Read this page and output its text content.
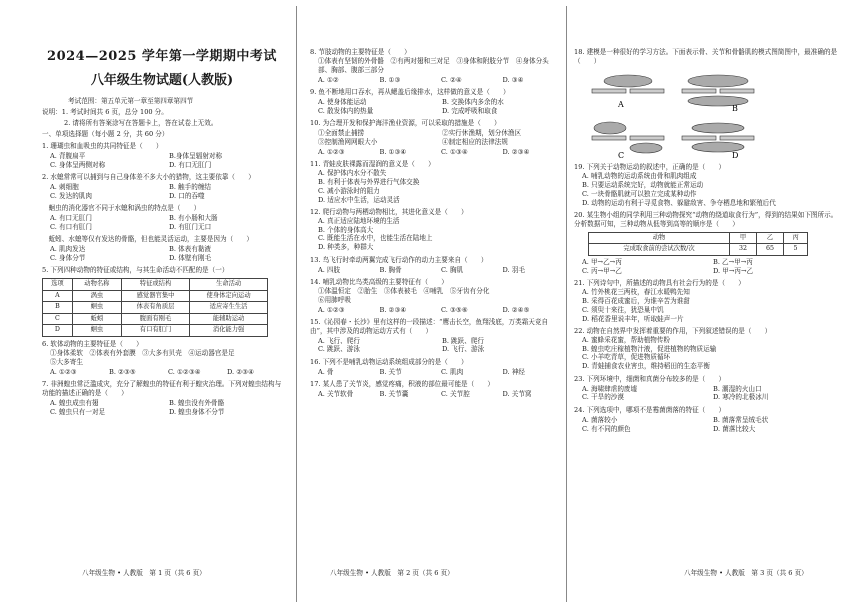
2024—2025 学年第一学期期中考试
八年级生物试题(人教版)
考试范围：第五单元第一章至第四章第四节
说明：1. 考试时间共 6 页，总分 100 分。
2. 请将所有答案涂写在答题卡上，答在试卷上无效。
一、单项选择题（每小题 2 分，共 60 分）
1. 珊瑚虫和血吸虫的共同特征是（　　）
A. 背腹扁平	B.身体呈辐射对称
C. 身体呈两侧对称	D. 有口无肛门
2. 水螅常常可以捕到与自己身体差不多大小的猎物，这主要依靠（　　）
A. 刺细胞	B. 触手的缠结
C. 发达的肌肉	D. 口的吞噬
　蛔虫的消化器官不同于水螅和涡虫的特点是（　　）
A. 有口无肛门	B. 有小肠和大肠
C. 有口有肛门	D. 有肛门无口
　蚯蚓、水螅等仅有发达的骨骼，但也能灵活运动，主要是因为（　　）
A. 肌肉发达	B. 体表有黏液
C. 身体分节	D. 体壁有刚毛
5. 下列四种动物的特征或结构，与其生命活动不匹配的是（一）
选项	动物名称	特征或结构	生命活动
A	涡虫	感觉器官集中	使身体定向运动
B	蛔虫	体表有角质层	适应寄生生活
C	蚯蚓	腹面有刚毛	能辅助运动
D	蛔虫	有口有肛门	消化能力强
6. 软体动物的主要特征是（　　）
①身体柔软　②体表有外套膜　③大多有贝壳　④运动器官是足
⑤大多寄生
A. ①②③	B. ②③⑤	C. ①②③④	D. ②③④
7. 非洲蝗虫常泛滥成灾，充分了解蝗虫的特征有利于蝗灾治理。下列对蝗虫结构与功能的描述正确的是（　　）
A. 蝗虫成虫有翅	B. 蝗虫没有外骨骼
C. 蝗虫只有一对足	D. 蝗虫身体不分节
八年级生物 • 人教版　第 1 页（共 6 页）
8. 节肢动物的主要特征是（　　）
①体表有坚韧的外骨骼　②有两对翅和三对足　③身体和附肢分节　④身体分头部、胸部、腹部三部分
A. ①②	B. ①③	C. ②④	D. ③④
9. 鱼不断地用口吞水，再从鳃盖后缘排水，这样做的意义是（　　）
A. 使身体能运动	B. 交换体内多余的水
C. 散发体内的热量	D. 完成呼吸和取食
10. 为合理开发和保护海洋渔业资源，可以采取的措施是（　　）
①全面禁止捕捞	②实行休渔期，划分休渔区
③控制渔网网眼大小	④制定相应的法律法规
A. ①②③	B. ①③④	C. ①③④	D. ②③④
11. 青蛙皮肤裸露而湿润的意义是（　　）
A. 保护体内水分不散失
B. 有利于体表与外界进行气体交换
C. 减小游泳时的阻力
D. 适应水中生活，运动灵活
12. 爬行动物与两栖动物相比，其进化意义是（　　）
A. 真正适应陆地环境的生活
B. 个体的身体高大
C. 既能生活在水中，也能生活在陆地上
D. 种类多，种群大
13. 鸟飞行时牵动两翼完成飞行动作的动力主要来自（　　）
A. 四肢	B. 胸骨	C. 胸肌	D. 羽毛
14. 哺乳动物比鸟类高级的主要特征有（　　）
①体温恒定　②胎生　③体表被毛　④哺乳　⑤牙齿有分化
⑥用肺呼吸
A. ①②③	B. ②③④	C. ③⑤⑥	D. ②④⑤
15.《沁园春・长沙》里有这样的一段描述：“鹰击长空，鱼翔浅底，万类霜天竞自由”，其中涉及的动物运动方式有（　　）
A. 飞行、爬行	B. 跳跃、爬行
C. 跳跃、游泳	D. 飞行、游泳
16. 下列不是哺乳动物运动系统组成部分的是（　　）
A. 骨	B. 关节	C. 肌肉	D. 神经
17. 某人患了关节炎，感觉疼痛，积液的部位最可能是（　　）
A. 关节软骨	B. 关节囊	C. 关节腔	D. 关节窝
八年级生物 • 人教版　第 2 页（共 6 页）
18. 建模是一种很好的学习方法。下面表示骨、关节和骨骼肌的模式图简图中，最准确的是（　　）
A	B
C	D
19. 下列关于动物运动的叙述中，正确的是（　　）
A. 哺乳动物的运动系统由骨和肌肉组成
B. 只要运动系统完好，动物就能正常运动
C. 一块骨骼肌就可以独立完成某种动作
D. 动物的运动有利于寻觅食物、躲避敌害、争夺栖息地和繁殖后代
20. 某生物小组的同学利用三种动物探究“动物的绕道取食行为”，得到的结果如下图所示。分析数据可知，三种动物从低等到高等的顺序是（　　）
动物	甲	乙	丙
完成取食前的尝试次数/次	32	65	5
A. 甲→乙→丙	B. 乙→甲→丙
C. 丙→甲→乙	D. 甲→丙→乙
21. 下列诗句中，所描述的动物具有社会行为的是（　　）
A. 竹外桃花三两枝，春江水暖鸭先知
B. 采得百花成蜜后，为谁辛苦为谁甜
C. 须臾十来往，犹恐巢中饥
D. 稻花香里说丰年，听取蛙声一片
22. 动物在自然界中发挥着重要的作用，下列叙述错误的是（　　）
A. 蜜蜂采花蜜，帮助植物传粉
B. 蝗虫吃庄稼植物汁液，促进植物的物质运输
C. 小羊吃青草，促进物质循环
D. 青蛙捕食农业害虫，维持稻田的生态平衡
23. 下列环境中，细菌和真菌分布较多的是（　　）
A. 海啸肆虐的废墟	B. 潮湿的火山口
C. 干旱的沙漠	D. 寒冷的北极冰川
24. 下列选项中，哪项不是霉菌菌落的特征（　　）
A. 菌落较小	B. 菌落常呈绒毛状
C. 有不同的颜色	D. 菌落比较大
八年级生物 • 人教版　第 3 页（共 6 页）
